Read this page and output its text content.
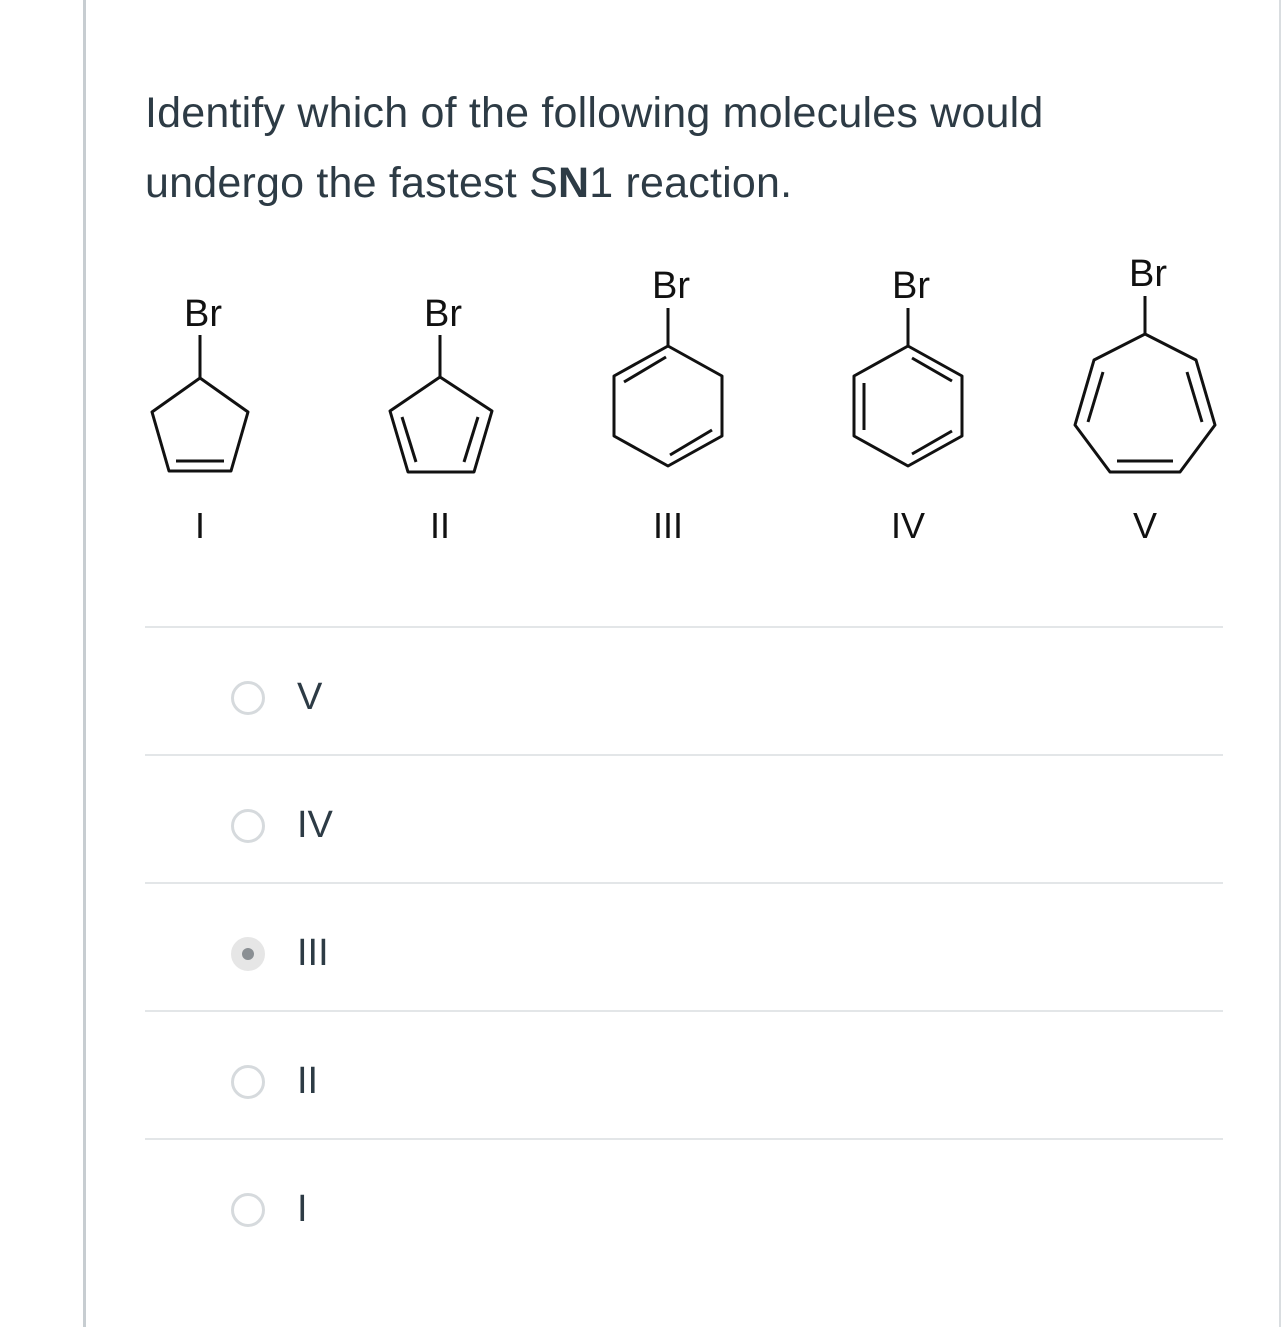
Identify which of the following molecules would undergo the fastest SN1 reaction.
Br	Br
Br	Br	Br
I	II	III	IV	V
V
IV
III
II
I
